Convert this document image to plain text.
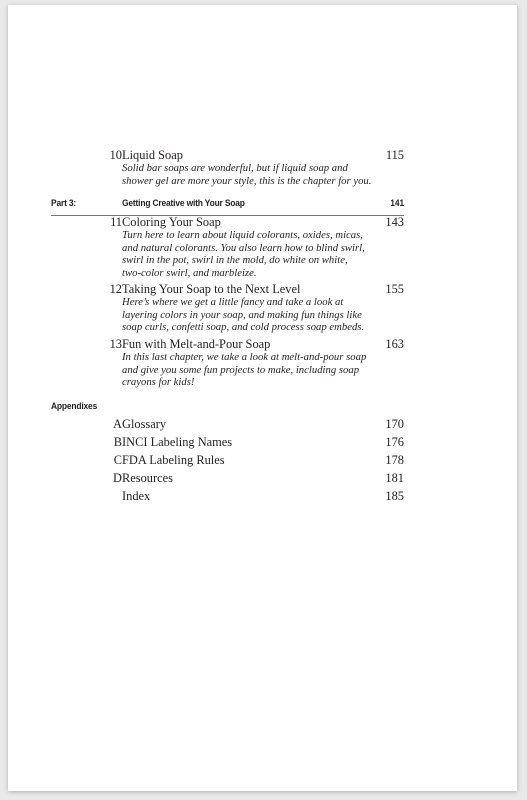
10 Liquid Soap	115
Solid bar soaps are wonderful, but if liquid soap and
shower gel are more your style, this is the chapter for you.
Part 3:	Getting Creative with Your Soap	141
11 Coloring Your Soap	143
Turn here to learn about liquid colorants, oxides, micas,
and natural colorants. You also learn how to blind swirl,
swirl in the pot, swirl in the mold, do white on white,
two-color swirl, and marbleize.
12 Taking Your Soap to the Next Level	155
Here’s where we get a little fancy and take a look at
layering colors in your soap, and making fun things like
soap curls, confetti soap, and cold process soap embeds.
13 Fun with Melt-and-Pour Soap	163
In this last chapter, we take a look at melt-and-pour soap
and give you some fun projects to make, including soap
crayons for kids!
Appendixes
A Glossary	170
B INCI Labeling Names	176
C FDA Labeling Rules	178
D Resources	181
Index	185
